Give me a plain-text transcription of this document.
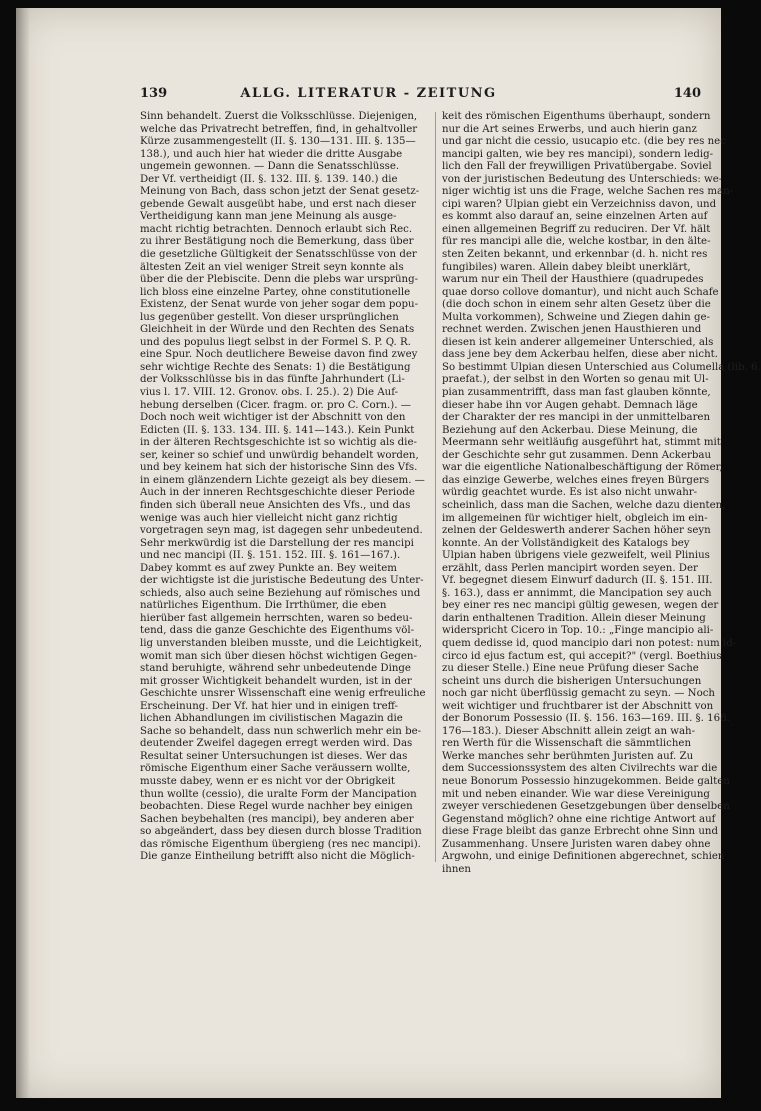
139	ALLG. LITERATUR - ZEITUNG	140
Sinn behandelt. Zuerst die Volksschlüsse. Diejenigen,
welche das Privatrecht betreffen, find, in gehaltvoller
Kürze zusammengestellt (II. §. 130—131. III. §. 135—
138.), und auch hier hat wieder die dritte Ausgabe
ungemein gewonnen. — Dann die Senatsschlüsse.
Der Vf. vertheidigt (II. §. 132. III. §. 139. 140.) die
Meinung von Bach, dass schon jetzt der Senat gesetz-
gebende Gewalt ausgeübt habe, und erst nach dieser
Vertheidigung kann man jene Meinung als ausge-
macht richtig betrachten. Dennoch erlaubt sich Rec.
zu ihrer Bestätigung noch die Bemerkung, dass über
die gesetzliche Gültigkeit der Senatsschlüsse von der
ältesten Zeit an viel weniger Streit seyn konnte als
über die der Plebiscite. Denn die plebs war ursprüng-
lich bloss eine einzelne Partey, ohne constitutionelle
Existenz, der Senat wurde von jeher sogar dem popu-
lus gegenüber gestellt. Von dieser ursprünglichen
Gleichheit in der Würde und den Rechten des Senats
und des populus liegt selbst in der Formel S. P. Q. R.
eine Spur. Noch deutlichere Beweise davon find zwey
sehr wichtige Rechte des Senats: 1) die Bestätigung
der Volksschlüsse bis in das fünfte Jahrhundert (Li-
vius l. 17. VIII. 12. Gronov. obs. I. 25.). 2) Die Auf-
hebung derselben (Cicer. fragm. or. pro C. Corn.). —
Doch noch weit wichtiger ist der Abschnitt von den
Edicten (II. §. 133. 134. III. §. 141—143.). Kein Punkt
in der älteren Rechtsgeschichte ist so wichtig als die-
ser, keiner so schief und unwürdig behandelt worden,
und bey keinem hat sich der historische Sinn des Vfs.
in einem glänzendern Lichte gezeigt als bey diesem. —
Auch in der inneren Rechtsgeschichte dieser Periode
finden sich überall neue Ansichten des Vfs., und das
wenige was auch hier vielleicht nicht ganz richtig
vorgetragen seyn mag, ist dagegen sehr unbedeutend.
Sehr merkwürdig ist die Darstellung der res mancipi
und nec mancipi (II. §. 151. 152. III. §. 161—167.).
Dabey kommt es auf zwey Punkte an. Bey weitem
der wichtigste ist die juristische Bedeutung des Unter-
schieds, also auch seine Beziehung auf römisches und
natürliches Eigenthum. Die Irrthümer, die eben
hierüber fast allgemein herrschten, waren so bedeu-
tend, dass die ganze Geschichte des Eigenthums völ-
lig unverstanden bleiben musste, und die Leichtigkeit,
womit man sich über diesen höchst wichtigen Gegen-
stand beruhigte, während sehr unbedeutende Dinge
mit grosser Wichtigkeit behandelt wurden, ist in der
Geschichte unsrer Wissenschaft eine wenig erfreuliche
Erscheinung. Der Vf. hat hier und in einigen treff-
lichen Abhandlungen im civilistischen Magazin die
Sache so behandelt, dass nun schwerlich mehr ein be-
deutender Zweifel dagegen erregt werden wird. Das
Resultat seiner Untersuchungen ist dieses. Wer das
römische Eigenthum einer Sache veräussern wollte,
musste dabey, wenn er es nicht vor der Obrigkeit
thun wollte (cessio), die uralte Form der Mancipation
beobachten. Diese Regel wurde nachher bey einigen
Sachen beybehalten (res mancipi), bey anderen aber
so abgeändert, dass bey diesen durch blosse Tradition
das römische Eigenthum übergieng (res nec mancipi).
Die ganze Eintheilung betrifft also nicht die Möglich-
keit des römischen Eigenthums überhaupt, sondern
nur die Art seines Erwerbs, und auch hierin ganz
und gar nicht die cessio, usucapio etc. (die bey res nec
mancipi galten, wie bey res mancipi), sondern ledig-
lich den Fall der freywilligen Privatübergabe. Soviel
von der juristischen Bedeutung des Unterschieds: we-
niger wichtig ist uns die Frage, welche Sachen res man-
cipi waren? Ulpian giebt ein Verzeichniss davon, und
es kommt also darauf an, seine einzelnen Arten auf
einen allgemeinen Begriff zu reduciren. Der Vf. hält
für res mancipi alle die, welche kostbar, in den älte-
sten Zeiten bekannt, und erkennbar (d. h. nicht res
fungibiles) waren. Allein dabey bleibt unerklärt,
warum nur ein Theil der Hausthiere (quadrupedes
quae dorso collove domantur), und nicht auch Schafe
(die doch schon in einem sehr alten Gesetz über die
Multa vorkommen), Schweine und Ziegen dahin ge-
rechnet werden. Zwischen jenen Hausthieren und
diesen ist kein anderer allgemeiner Unterschied, als
dass jene bey dem Ackerbau helfen, diese aber nicht.
So bestimmt Ulpian diesen Unterschied aus Columella (lib. 6.
praefat.), der selbst in den Worten so genau mit Ul-
pian zusammentrifft, dass man fast glauben könnte,
dieser habe ihn vor Augen gehabt. Demnach läge
der Charakter der res mancipi in der unmittelbaren
Beziehung auf den Ackerbau. Diese Meinung, die
Meermann sehr weitläufig ausgeführt hat, stimmt mit
der Geschichte sehr gut zusammen. Denn Ackerbau
war die eigentliche Nationalbeschäftigung der Römer,
das einzige Gewerbe, welches eines freyen Bürgers
würdig geachtet wurde. Es ist also nicht unwahr-
scheinlich, dass man die Sachen, welche dazu dienten,
im allgemeinen für wichtiger hielt, obgleich im ein-
zelnen der Geldeswerth anderer Sachen höher seyn
konnte. An der Vollständigkeit des Katalogs bey
Ulpian haben übrigens viele gezweifelt, weil Plinius
erzählt, dass Perlen mancipirt worden seyen. Der
Vf. begegnet diesem Einwurf dadurch (II. §. 151. III.
§. 163.), dass er annimmt, die Mancipation sey auch
bey einer res nec mancipi gültig gewesen, wegen der
darin enthaltenen Tradition. Allein dieser Meinung
widerspricht Cicero in Top. 10.: „Finge mancipio ali-
quem dedisse id, quod mancipio dari non potest: num id-
circo id ejus factum est, qui accepit?" (vergl. Boethius
zu dieser Stelle.) Eine neue Prüfung dieser Sache
scheint uns durch die bisherigen Untersuchungen
noch gar nicht überflüssig gemacht zu seyn. — Noch
weit wichtiger und fruchtbarer ist der Abschnitt von
der Bonorum Possessio (II. §. 156. 163—169. III. §. 168.
176—183.). Dieser Abschnitt allein zeigt an wah-
ren Werth für die Wissenschaft die sämmtlichen
Werke manches sehr berühmten Juristen auf. Zu
dem Successionssystem des alten Civilrechts war die
neue Bonorum Possessio hinzugekommen. Beide galten
mit und neben einander. Wie war diese Vereinigung
zweyer verschiedenen Gesetzgebungen über denselben
Gegenstand möglich? ohne eine richtige Antwort auf
diese Frage bleibt das ganze Erbrecht ohne Sinn und
Zusammenhang. Unsere Juristen waren dabey ohne
Argwohn, und einige Definitionen abgerechnet, schien
ihnen
